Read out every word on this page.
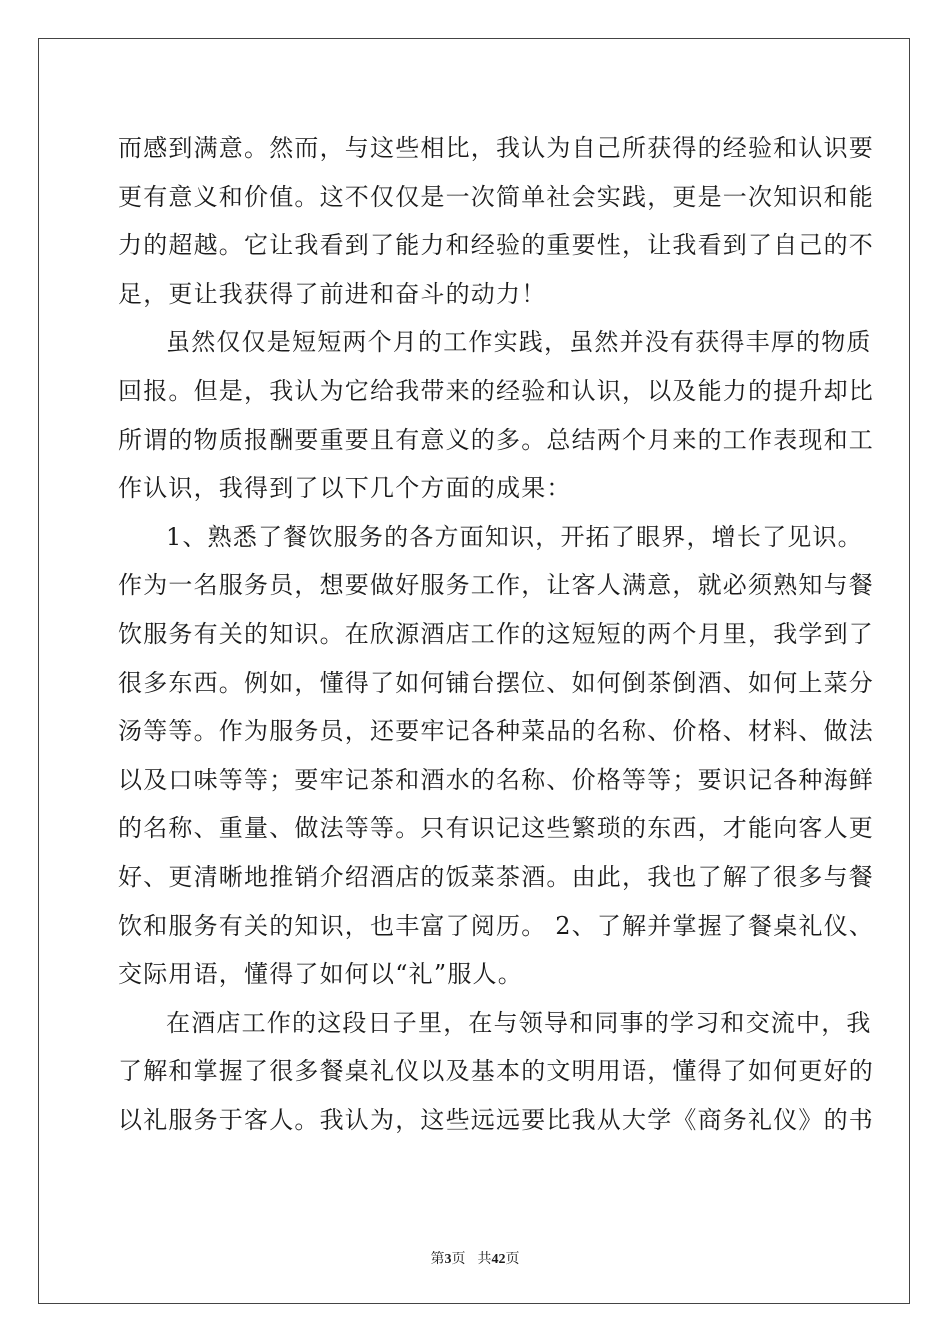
而感到满意。然而，与这些相比，我认为自己所获得的经验和认识要
更有意义和价值。这不仅仅是一次简单社会实践，更是一次知识和能
力的超越。它让我看到了能力和经验的重要性，让我看到了自己的不
足，更让我获得了前进和奋斗的动力！
虽然仅仅是短短两个月的工作实践，虽然并没有获得丰厚的物质
回报。但是，我认为它给我带来的经验和认识，以及能力的提升却比
所谓的物质报酬要重要且有意义的多。总结两个月来的工作表现和工
作认识，我得到了以下几个方面的成果：
1、熟悉了餐饮服务的各方面知识，开拓了眼界，增长了见识。
作为一名服务员，想要做好服务工作，让客人满意，就必须熟知与餐
饮服务有关的知识。在欣源酒店工作的这短短的两个月里，我学到了
很多东西。例如，懂得了如何铺台摆位、如何倒茶倒酒、如何上菜分
汤等等。作为服务员，还要牢记各种菜品的名称、价格、材料、做法
以及口味等等；要牢记茶和酒水的名称、价格等等；要识记各种海鲜
的名称、重量、做法等等。只有识记这些繁琐的东西，才能向客人更
好、更清晰地推销介绍酒店的饭菜茶酒。由此，我也了解了很多与餐
饮和服务有关的知识，也丰富了阅历。 2、了解并掌握了餐桌礼仪、
交际用语，懂得了如何以“礼”服人。
在酒店工作的这段日子里，在与领导和同事的学习和交流中，我
了解和掌握了很多餐桌礼仪以及基本的文明用语，懂得了如何更好的
以礼服务于客人。我认为，这些远远要比我从大学《商务礼仪》的书
第3页 共42页
